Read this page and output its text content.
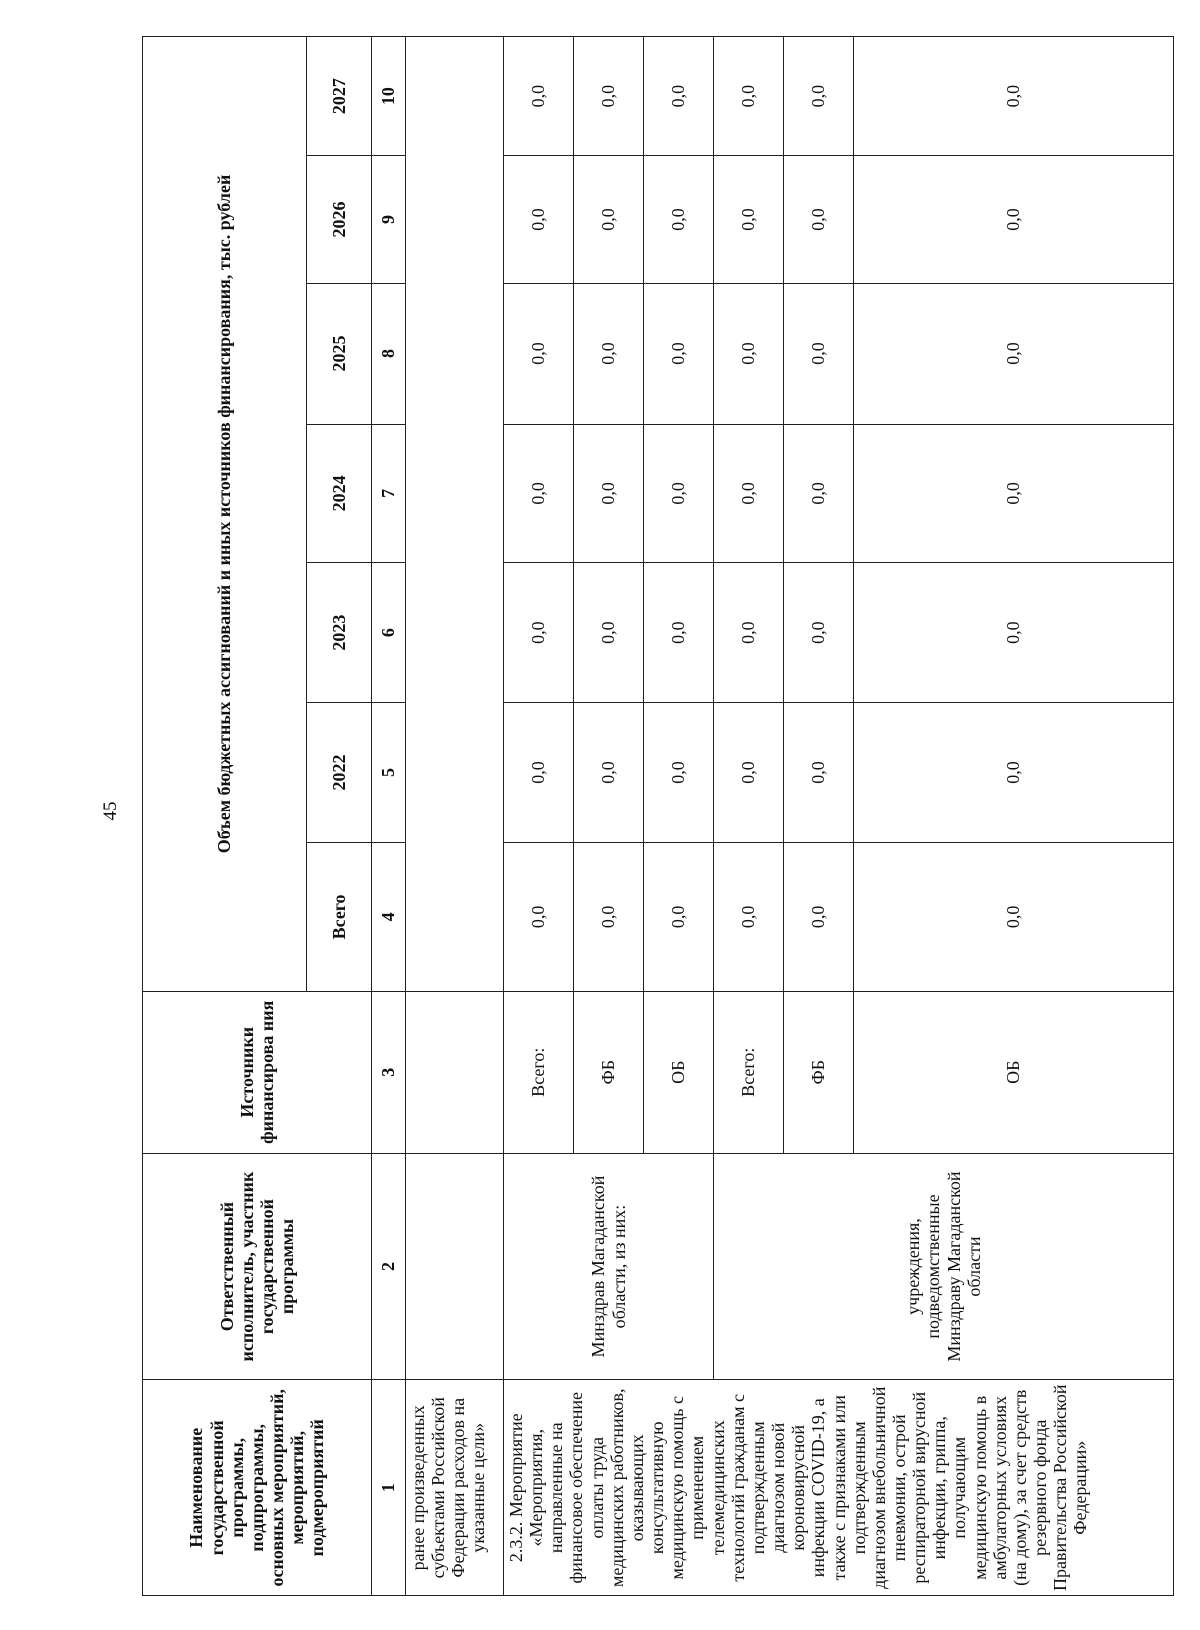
45
Наименование государственной программы, подпрограммы, основных мероприятий, мероприятий, подмероприятий	Ответственный исполнитель, участник государственной программы	Источники финансирова ния	Объем бюджетных ассигнований и иных источников финансирования, тыс. рублей						
			Всего	2022	2023	2024	2025	2026	2027
1	2	3	4	5	6	7	8	9	10
ранее произведенных субъектами Российской Федерации расходов на указанные цели»									
2.3.2. Мероприятие «Мероприятия, направленные на финансовое обеспечение оплаты труда медицинских работников, оказывающих консультативную медицинскую помощь с применением телемедицинских технологий гражданам с подтвержденным диагнозом новой короновирусной инфекции COVID-19, а также с признаками или подтвержденным диагнозом внебольничной пневмонии, острой респираторной вирусной инфекции, гриппа, получающим медицинскую помощь в амбулаторных условиях (на дому), за счет средств резервного фонда Правительства Российской Федерации»	Минздрав Магаданской области, из них:	Всего:	0,0	0,0	0,0	0,0	0,0	0,0	0,0
		ФБ	0,0	0,0	0,0	0,0	0,0	0,0	0,0
		ОБ	0,0	0,0	0,0	0,0	0,0	0,0	0,0
	учреждения, подведомственные Минздраву Магаданской области	Всего:	0,0	0,0	0,0	0,0	0,0	0,0	0,0
		ФБ	0,0	0,0	0,0	0,0	0,0	0,0	0,0
		ОБ	0,0	0,0	0,0	0,0	0,0	0,0	0,0
